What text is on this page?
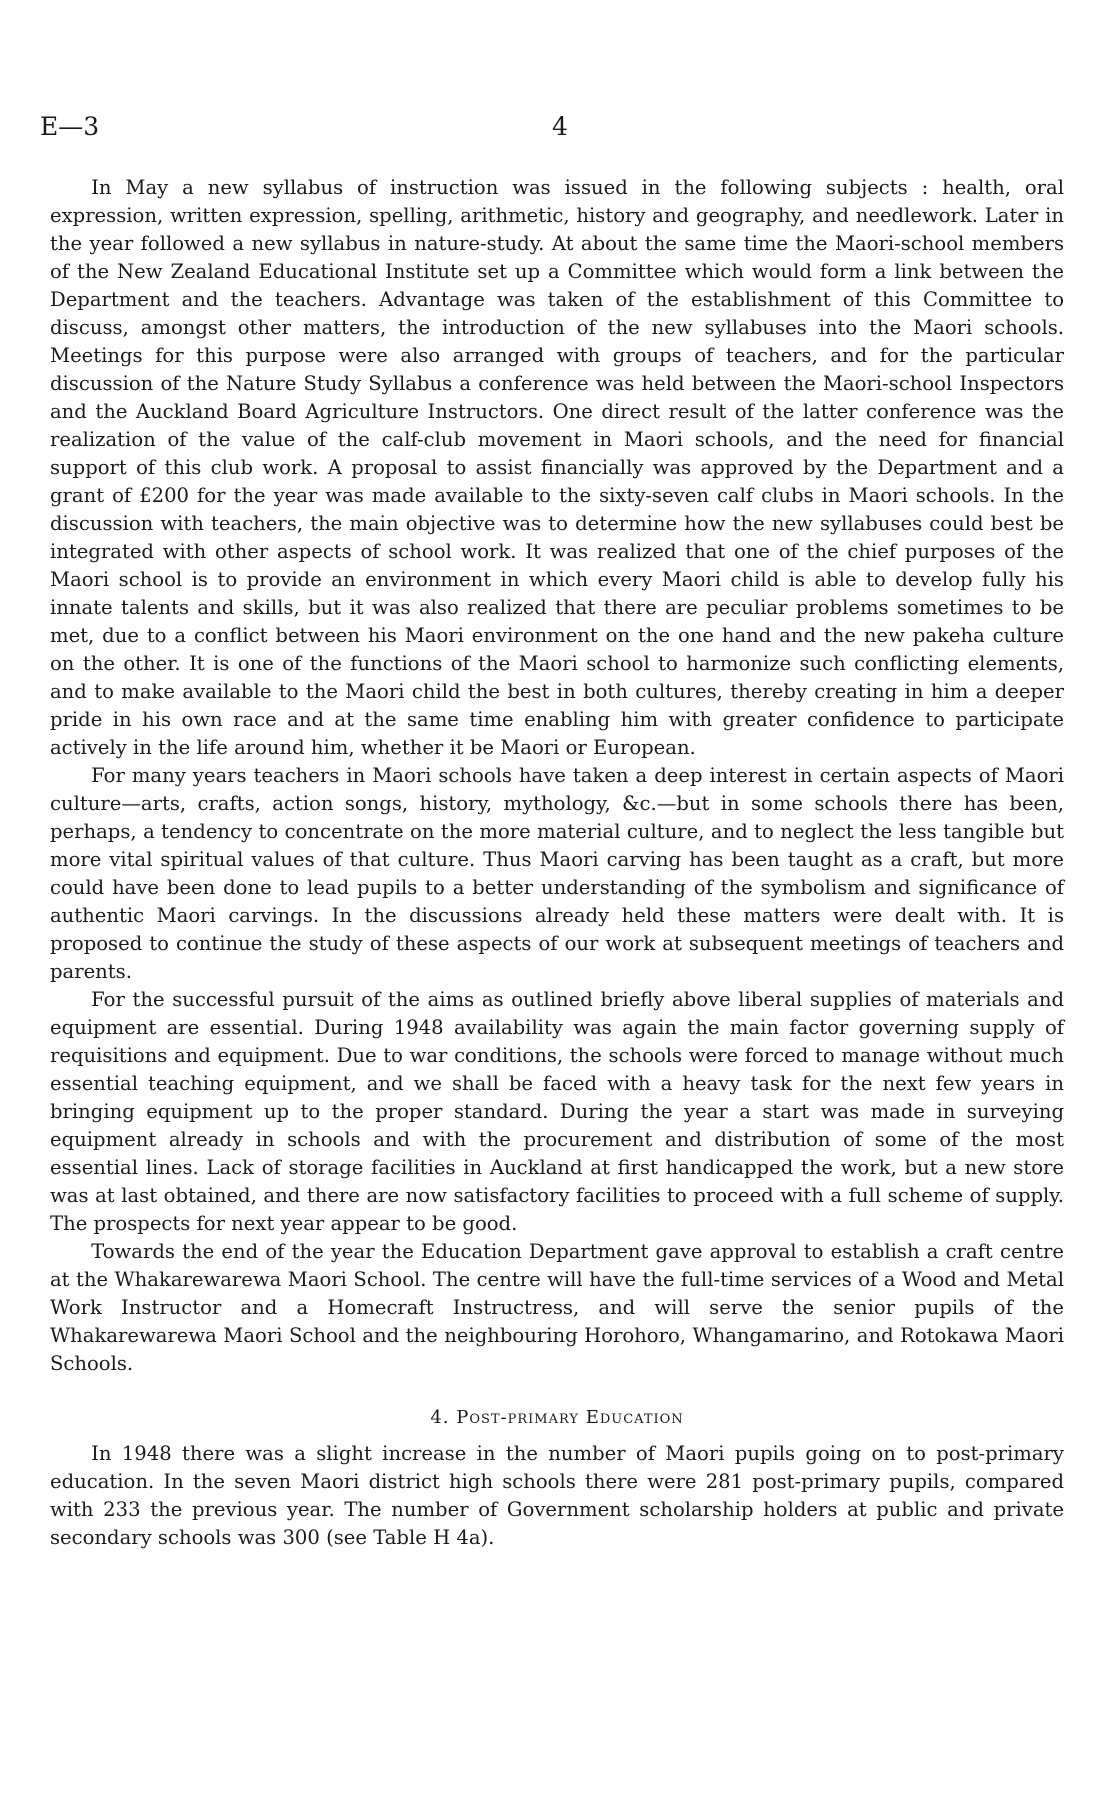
E—3	4

In May a new syllabus of instruction was issued in the following subjects : health, oral expression, written expression, spelling, arithmetic, history and geography, and needlework. Later in the year followed a new syllabus in nature-study. At about the same time the Maori-school members of the New Zealand Educational Institute set up a Committee which would form a link between the Department and the teachers. Advantage was taken of the establishment of this Committee to discuss, amongst other matters, the introduction of the new syllabuses into the Maori schools. Meetings for this purpose were also arranged with groups of teachers, and for the particular discussion of the Nature Study Syllabus a conference was held between the Maori-school Inspectors and the Auckland Board Agriculture Instructors. One direct result of the latter conference was the realization of the value of the calf-club movement in Maori schools, and the need for financial support of this club work. A proposal to assist financially was approved by the Department and a grant of £200 for the year was made available to the sixty-seven calf clubs in Maori schools. In the discussion with teachers, the main objective was to determine how the new syllabuses could best be integrated with other aspects of school work. It was realized that one of the chief purposes of the Maori school is to provide an environment in which every Maori child is able to develop fully his innate talents and skills, but it was also realized that there are peculiar problems sometimes to be met, due to a conflict between his Maori environment on the one hand and the new pakeha culture on the other. It is one of the functions of the Maori school to harmonize such conflicting elements, and to make available to the Maori child the best in both cultures, thereby creating in him a deeper pride in his own race and at the same time enabling him with greater confidence to participate actively in the life around him, whether it be Maori or European.

For many years teachers in Maori schools have taken a deep interest in certain aspects of Maori culture—arts, crafts, action songs, history, mythology, &c.—but in some schools there has been, perhaps, a tendency to concentrate on the more material culture, and to neglect the less tangible but more vital spiritual values of that culture. Thus Maori carving has been taught as a craft, but more could have been done to lead pupils to a better understanding of the symbolism and significance of authentic Maori carvings. In the discussions already held these matters were dealt with. It is proposed to continue the study of these aspects of our work at subsequent meetings of teachers and parents.

For the successful pursuit of the aims as outlined briefly above liberal supplies of materials and equipment are essential. During 1948 availability was again the main factor governing supply of requisitions and equipment. Due to war conditions, the schools were forced to manage without much essential teaching equipment, and we shall be faced with a heavy task for the next few years in bringing equipment up to the proper standard. During the year a start was made in surveying equipment already in schools and with the procurement and distribution of some of the most essential lines. Lack of storage facilities in Auckland at first handicapped the work, but a new store was at last obtained, and there are now satisfactory facilities to proceed with a full scheme of supply. The prospects for next year appear to be good.

Towards the end of the year the Education Department gave approval to establish a craft centre at the Whakarewarewa Maori School. The centre will have the full-time services of a Wood and Metal Work Instructor and a Homecraft Instructress, and will serve the senior pupils of the Whakarewarewa Maori School and the neighbouring Horohoro, Whangamarino, and Rotokawa Maori Schools.

4. Post-primary Education

In 1948 there was a slight increase in the number of Maori pupils going on to post-primary education. In the seven Maori district high schools there were 281 post-primary pupils, compared with 233 the previous year. The number of Government scholarship holders at public and private secondary schools was 300 (see Table H 4a).
